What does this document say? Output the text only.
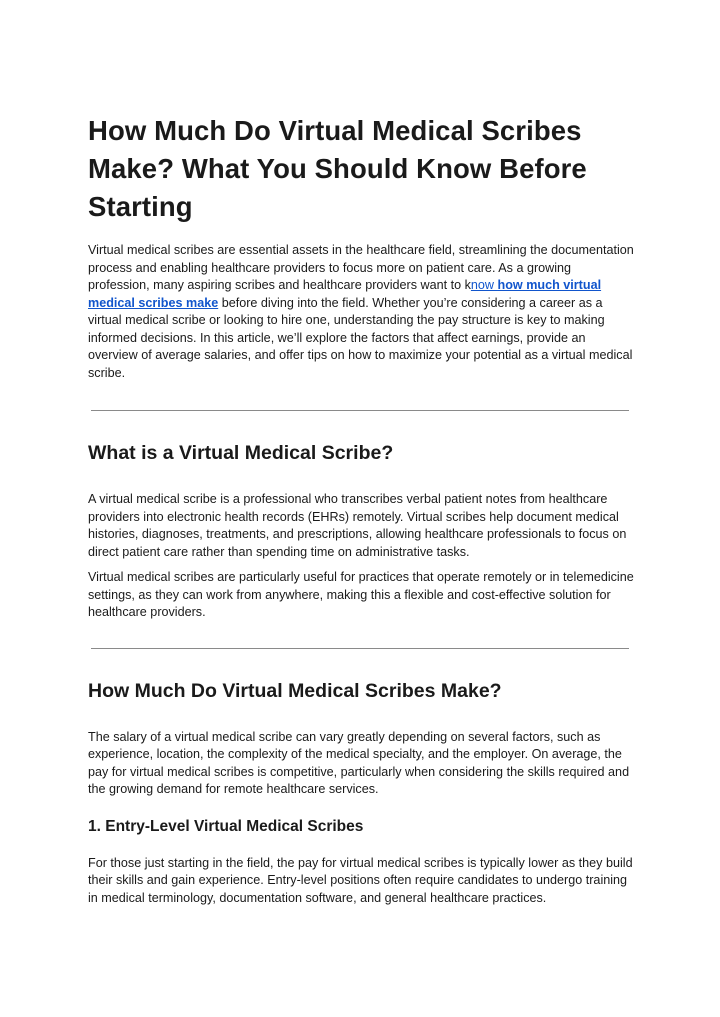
How Much Do Virtual Medical Scribes Make? What You Should Know Before Starting

Virtual medical scribes are essential assets in the healthcare field, streamlining the documentation process and enabling healthcare providers to focus more on patient care. As a growing profession, many aspiring scribes and healthcare providers want to know how much virtual medical scribes make before diving into the field. Whether you’re considering a career as a virtual medical scribe or looking to hire one, understanding the pay structure is key to making informed decisions. In this article, we’ll explore the factors that affect earnings, provide an overview of average salaries, and offer tips on how to maximize your potential as a virtual medical scribe.

What is a Virtual Medical Scribe?

A virtual medical scribe is a professional who transcribes verbal patient notes from healthcare providers into electronic health records (EHRs) remotely. Virtual scribes help document medical histories, diagnoses, treatments, and prescriptions, allowing healthcare professionals to focus on direct patient care rather than spending time on administrative tasks.

Virtual medical scribes are particularly useful for practices that operate remotely or in telemedicine settings, as they can work from anywhere, making this a flexible and cost-effective solution for healthcare providers.

How Much Do Virtual Medical Scribes Make?

The salary of a virtual medical scribe can vary greatly depending on several factors, such as experience, location, the complexity of the medical specialty, and the employer. On average, the pay for virtual medical scribes is competitive, particularly when considering the skills required and the growing demand for remote healthcare services.

1. Entry-Level Virtual Medical Scribes

For those just starting in the field, the pay for virtual medical scribes is typically lower as they build their skills and gain experience. Entry-level positions often require candidates to undergo training in medical terminology, documentation software, and general healthcare practices.
